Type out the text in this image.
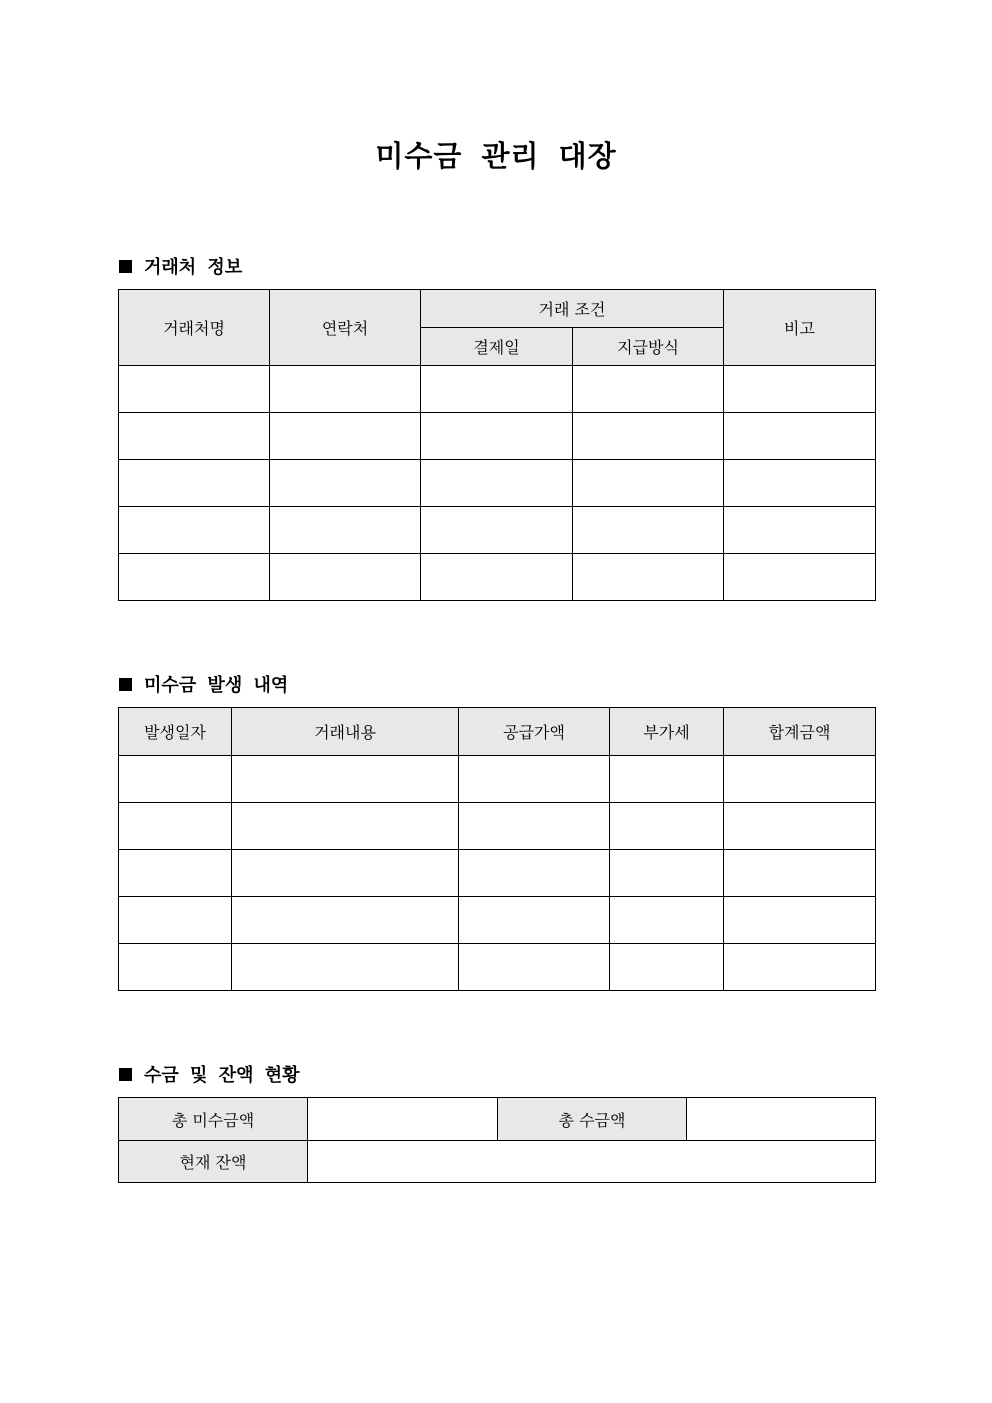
미수금 관리 대장
거래처 정보
거래처명	연락처	거래 조건		비고
		결제일	지급방식	

미수금 발생 내역
발생일자	거래내용	공급가액	부가세	합계금액

수금 및 잔액 현황
총 미수금액		총 수금액	
현재 잔액			
